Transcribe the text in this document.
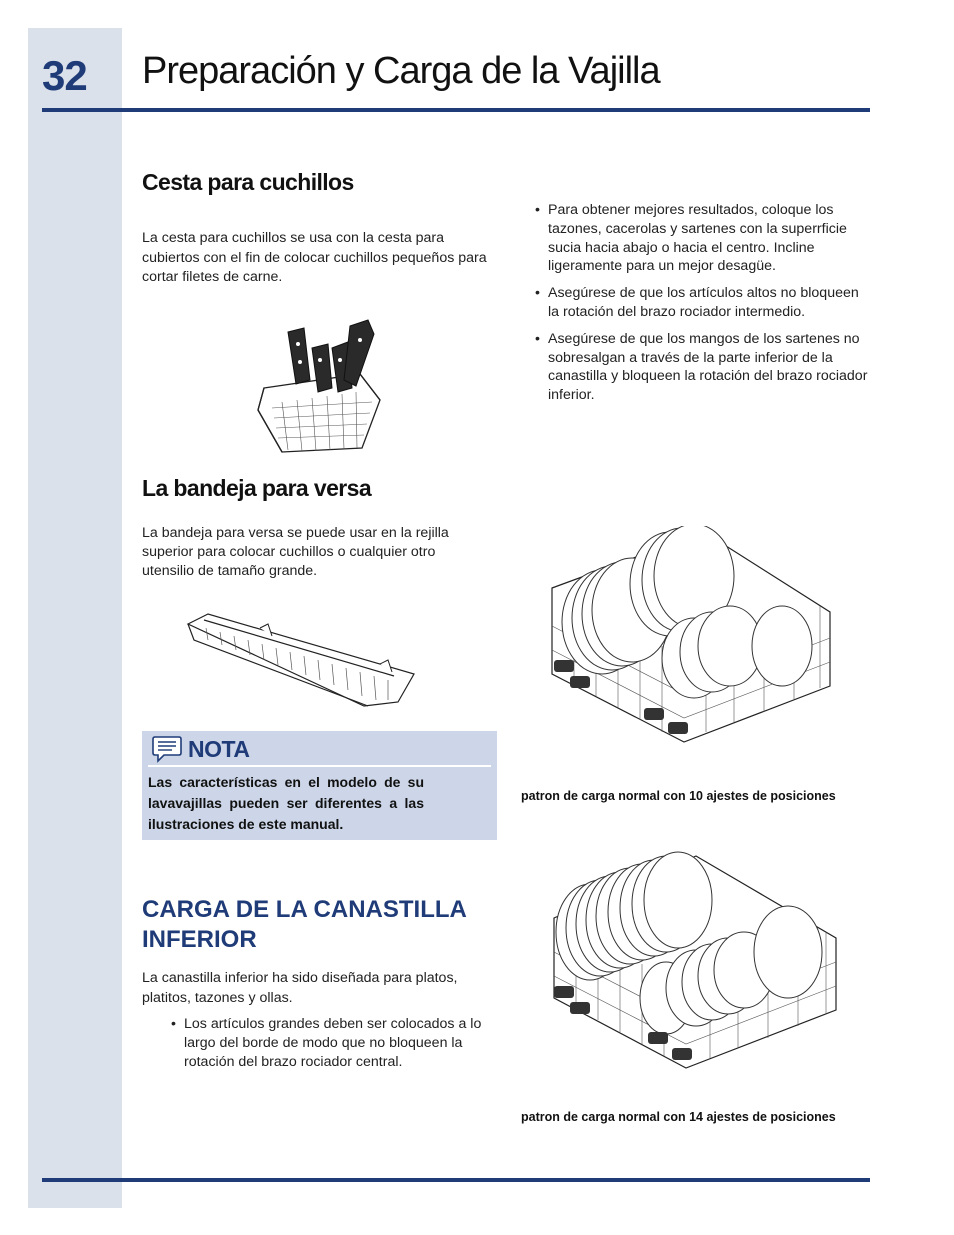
32 Preparación y Carga de la Vajilla
Cesta para cuchillos

La cesta para cuchillos se usa con la cesta para cubiertos con el fin de colocar cuchillos pequeños para cortar filetes de carne.

• Para obtener mejores resultados, coloque los tazones, cacerolas y sartenes con la superrficie sucia hacia abajo o hacia el centro. Incline ligeramente para un mejor desagüe.
• Asegúrese de que los artículos altos no bloqueen la rotación del brazo rociador intermedio.
• Asegúrese de que los mangos de los sartenes no sobresalgan a través de la parte inferior de la canastilla y bloqueen la rotación del brazo rociador inferior.
La bandeja para versa

La bandeja para versa se puede usar en la rejilla superior para colocar cuchillos o cualquier otro utensilio de tamaño grande.

NOTA
Las características en el modelo de su lavavajillas pueden ser diferentes a las ilustraciones de este manual.
CARGA DE LA CANASTILLA INFERIOR

La canastilla inferior ha sido diseñada para platos, platitos, tazones y ollas.

• Los artículos grandes deben ser colocados a lo largo del borde de modo que no bloqueen la rotación del brazo rociador central.
patron de carga normal con 10 ajestes de posiciones
patron de carga normal con 14 ajestes de posiciones
